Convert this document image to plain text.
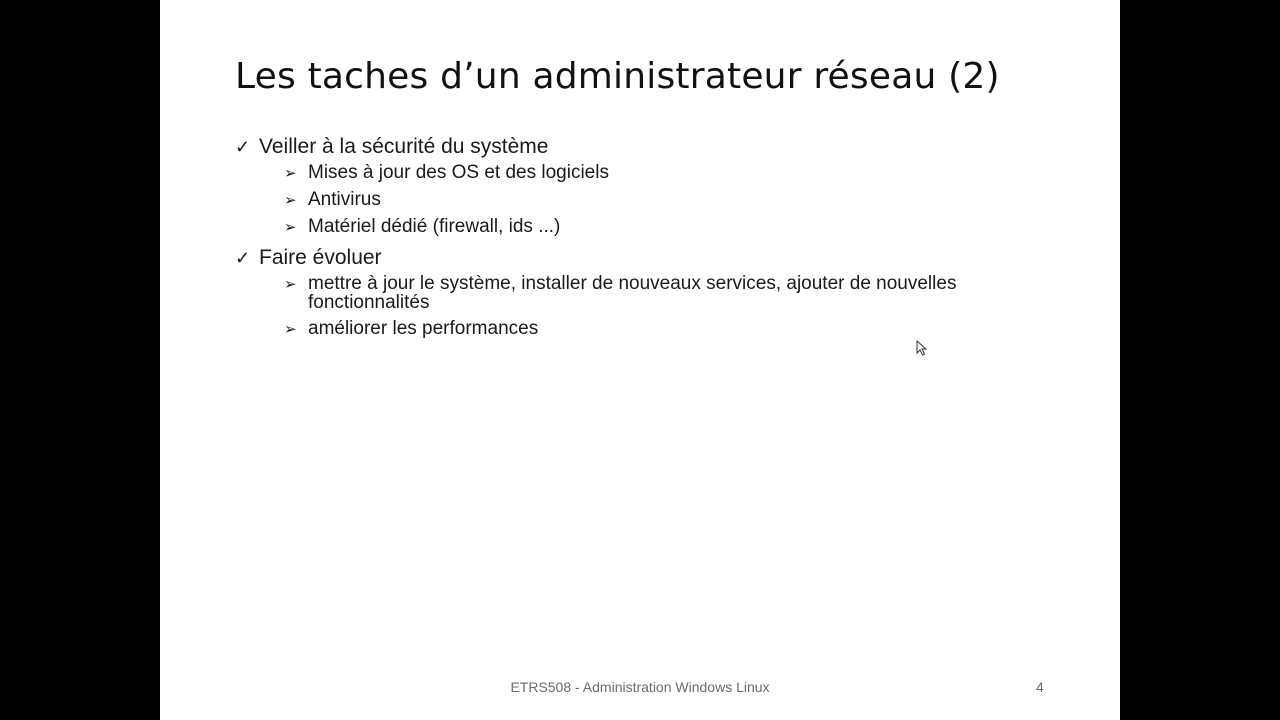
Les taches d’un administrateur réseau (2)
✓ Veiller à la sécurité du système
➢ Mises à jour des OS et des logiciels
➢ Antivirus
➢ Matériel dédié (firewall, ids ...)
✓ Faire évoluer
➢ mettre à jour le système, installer de nouveaux services, ajouter de nouvelles fonctionnalités
➢ améliorer les performances
ETRS508 - Administration Windows Linux	4
